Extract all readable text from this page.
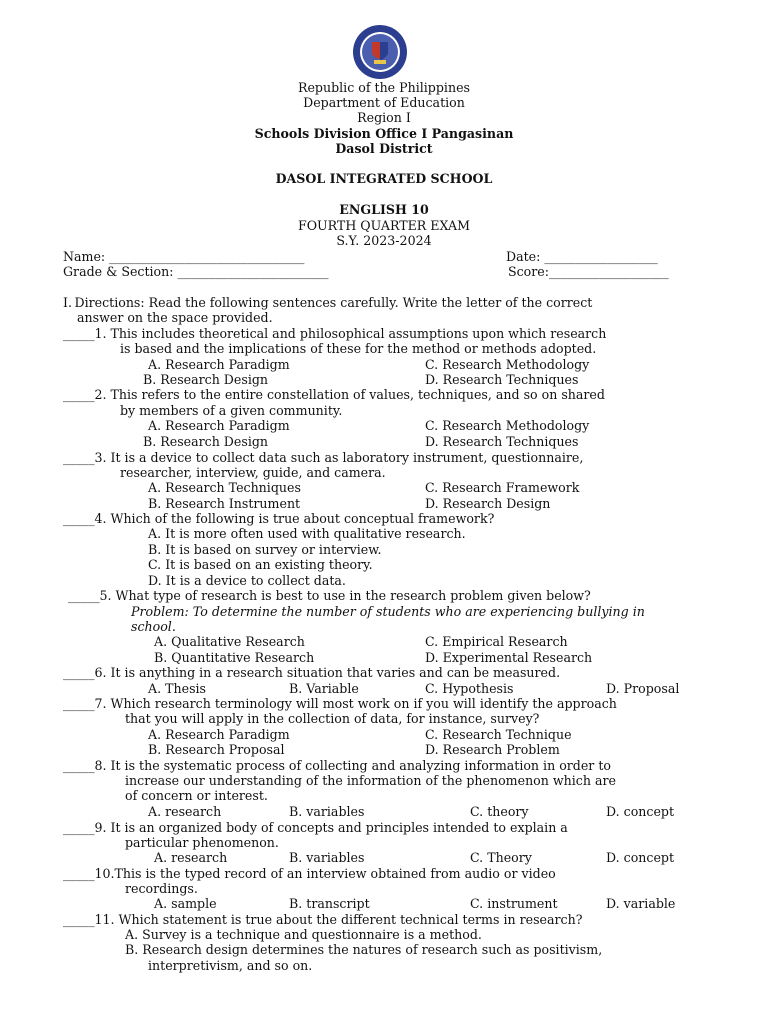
Republic of the Philippines
Department of Education
Region I
Schools Division Office I Pangasinan
Dasol District
DASOL INTEGRATED SCHOOL
ENGLISH 10
FOURTH QUARTER EXAM
S.Y. 2023-2024
Name: _______________________________	Date: __________________
Grade & Section: ________________________	Score:___________________
I. Directions: Read the following sentences carefully. Write the letter of the correct
answer on the space provided.
_____1. This includes theoretical and philosophical assumptions upon which research
is based and the implications of these for the method or methods adopted.
A. Research Paradigm	C. Research Methodology
B. Research Design	D. Research Techniques
_____2. This refers to the entire constellation of values, techniques, and so on shared
by members of a given community.
A. Research Paradigm	C. Research Methodology
B. Research Design	D. Research Techniques
_____3. It is a device to collect data such as laboratory instrument, questionnaire,
researcher, interview, guide, and camera.
A. Research Techniques	C. Research Framework
B. Research Instrument	D. Research Design
_____4. Which of the following is true about conceptual framework?
A. It is more often used with qualitative research.
B. It is based on survey or interview.
C. It is based on an existing theory.
D. It is a device to collect data.
_____5. What type of research is best to use in the research problem given below?
Problem: To determine the number of students who are experiencing bullying in
school.
A. Qualitative Research	C. Empirical Research
B. Quantitative Research	D. Experimental Research
_____6. It is anything in a research situation that varies and can be measured.
A. Thesis	B. Variable	C. Hypothesis	D. Proposal
_____7. Which research terminology will most work on if you will identify the approach
that you will apply in the collection of data, for instance, survey?
A. Research Paradigm	C. Research Technique
B. Research Proposal	D. Research Problem
_____8. It is the systematic process of collecting and analyzing information in order to
increase our understanding of the information of the phenomenon which are
of concern or interest.
A. research	B. variables	C. theory	D. concept
_____9. It is an organized body of concepts and principles intended to explain a
particular phenomenon.
A. research	B. variables	C. Theory	D. concept
_____10.This is the typed record of an interview obtained from audio or video
recordings.
A. sample	B. transcript	C. instrument	D. variable
_____11. Which statement is true about the different technical terms in research?
A. Survey is a technique and questionnaire is a method.
B. Research design determines the natures of research such as positivism,
interpretivism, and so on.
